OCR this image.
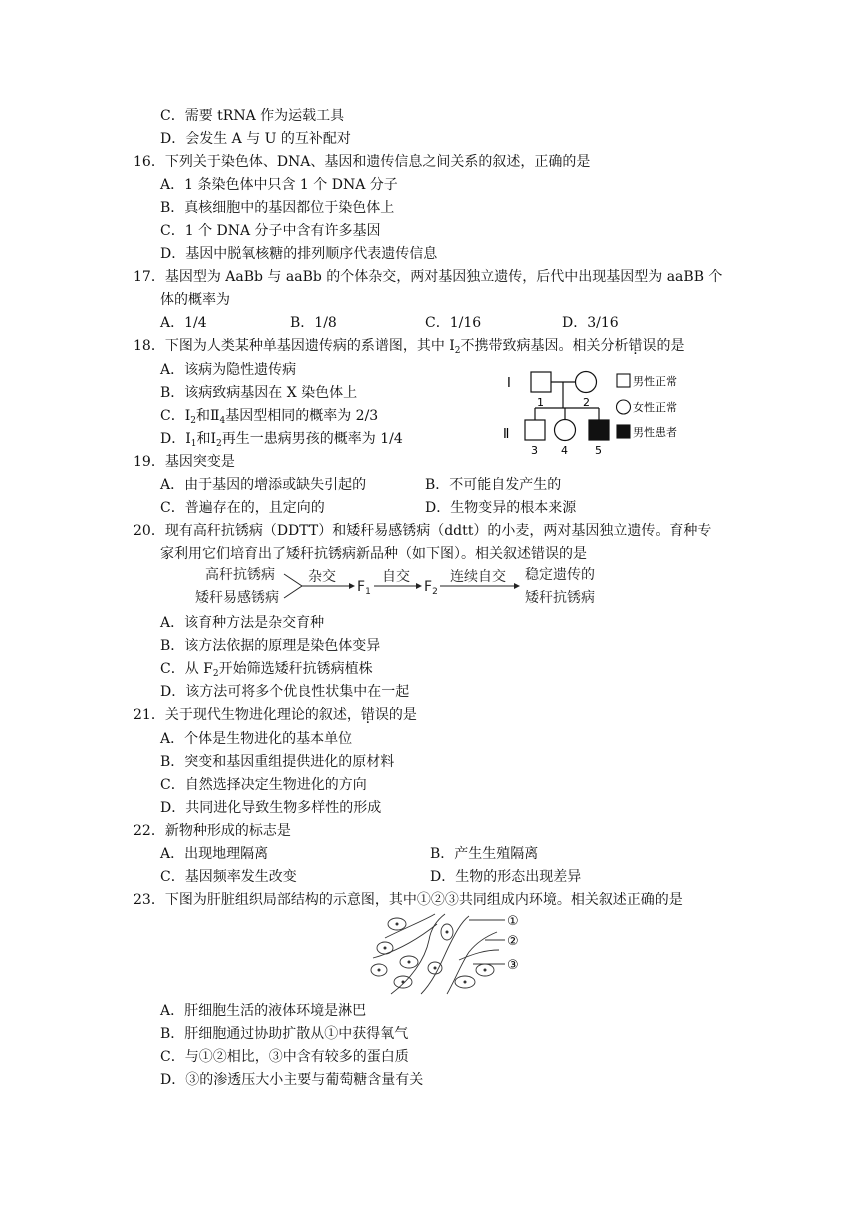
C．需要 tRNA 作为运载工具
D．会发生 A 与 U 的互补配对
16．下列关于染色体、DNA、基因和遗传信息之间关系的叙述，正确的是
A．1 条染色体中只含 1 个 DNA 分子
B．真核细胞中的基因都位于染色体上
C．1 个 DNA 分子中含有许多基因
D．基因中脱氧核糖的排列顺序代表遗传信息
17．基因型为 AaBb 与 aaBb 的个体杂交，两对基因独立遗传，后代中出现基因型为 aaBB 个
体的概率为
A．1/4	B．1/8	C．1/16	D．3/16
18．下图为人类某种单基因遗传病的系谱图，其中 $Ⅰ_2$不携带致病基因。相关分析错误的是
A．该病为隐性遗传病
B．该病致病基因在 X 染色体上
C．$Ⅰ_2$和$Ⅱ_4$基因型相同的概率为 2/3
D．$Ⅰ_1$和$Ⅰ_2$再生一患病男孩的概率为 1/4
Ⅰ
Ⅱ
1	2
3 4 5
男性正常
女性正常
男性患者
19．基因突变是
A．由于基因的增添或缺失引起的	B．不可能自发产生的
C．普遍存在的，且定向的	D．生物变异的根本来源
20．现有高秆抗锈病（DDTT）和矮秆易感锈病（ddtt）的小麦，两对基因独立遗传。育种专
家利用它们培育出了矮秆抗锈病新品种（如下图）。相关叙述错误的是
高秆抗锈病
矮秆易感锈病
杂交
$F_1$
自交
$F_2$
连续自交 稳定遗传的
矮秆抗锈病
A．该育种方法是杂交育种
B．该方法依据的原理是染色体变异
C．从 $F_2$开始筛选矮秆抗锈病植株
D．该方法可将多个优良性状集中在一起
21．关于现代生物进化理论的叙述，错误的是
A．个体是生物进化的基本单位
B．突变和基因重组提供进化的原材料
C．自然选择决定生物进化的方向
D．共同进化导致生物多样性的形成
22．新物种形成的标志是
A．出现地理隔离	B．产生生殖隔离
C．基因频率发生改变	D．生物的形态出现差异
23．下图为肝脏组织局部结构的示意图，其中①②③共同组成内环境。相关叙述正确的是
①
②
③
A．肝细胞生活的液体环境是淋巴
B．肝细胞通过协助扩散从①中获得氧气
C．与①②相比，③中含有较多的蛋白质
D．③的渗透压大小主要与葡萄糖含量有关
